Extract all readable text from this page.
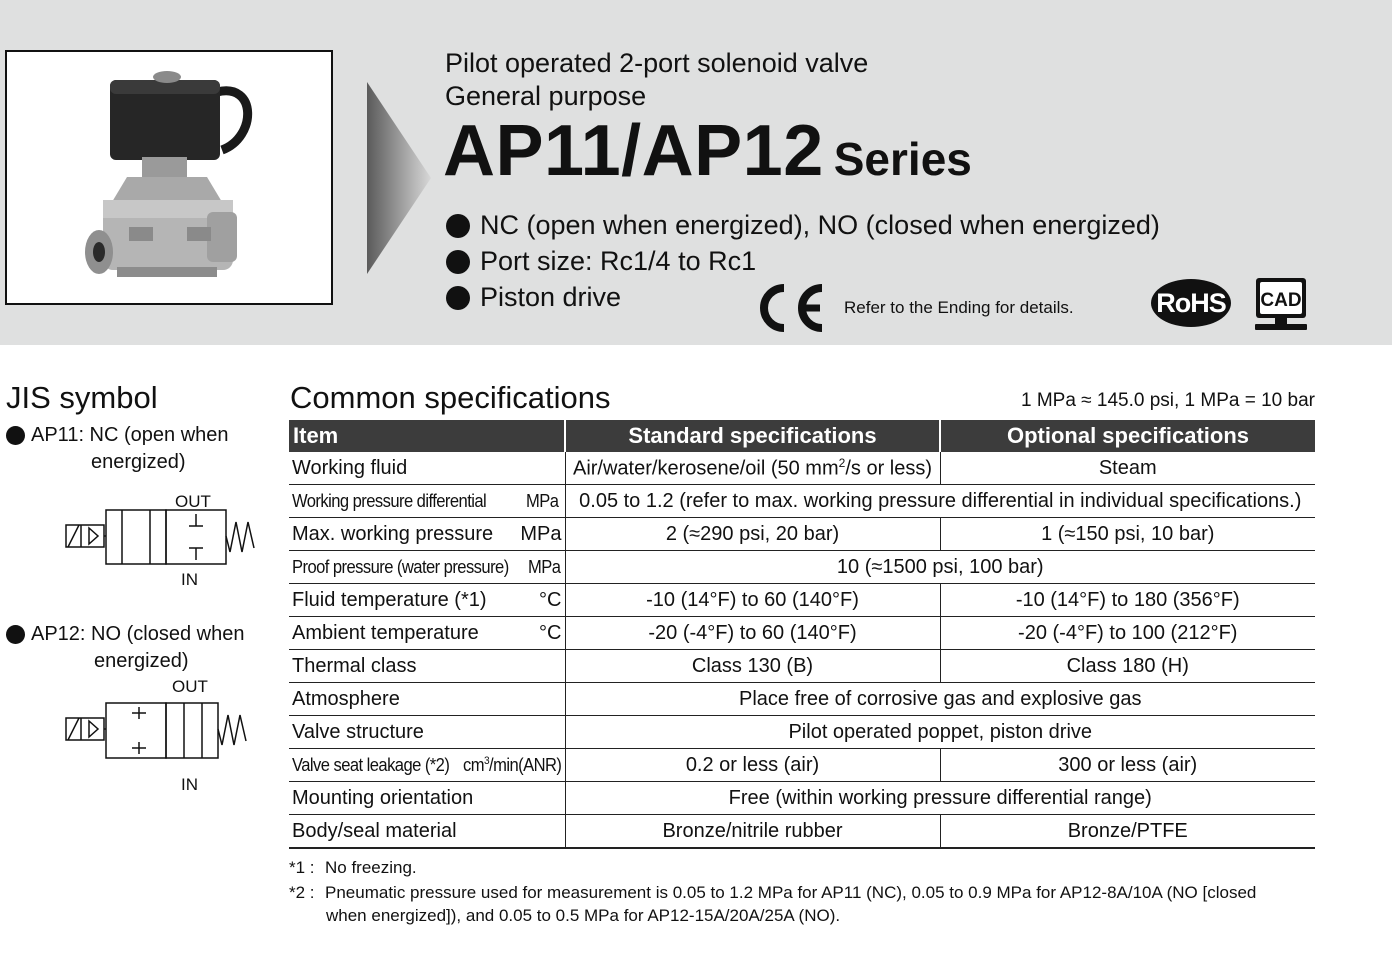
Pilot operated 2-port solenoid valve
General purpose
AP11/AP12 Series
NC (open when energized), NO (closed when energized)
Port size: Rc1/4 to Rc1
Piston drive	Refer to the Ending for details.	RoHS CAD
JIS symbol
AP11: NC (open when
energized)
OUT
IN
AP12: NO (closed when
energized)
OUT
IN
Common specifications	1 MPa ≈ 145.0 psi, 1 MPa = 10 bar
Item	Standard specifications	Optional specifications
Working fluid	Air/water/kerosene/oil (50 $mm^2/s$ or less)	Steam

Working pressure differential MPa	0.05 to 1.2 (refer to max. working pressure differential in individual specifications.)	

Max. working pressure MPa	2 (≈290 psi, 20 bar)	1 (≈150 psi, 10 bar)

Proof pressure (water pressure) MPa	10 (≈1500 psi, 100 bar)	

Fluid temperature (*1) °C	-10 (14°F) to 60 (140°F)	-10 (14°F) to 180 (356°F)

Ambient temperature °C	-20 (-4°F) to 60 (140°F)	-20 (-4°F) to 100 (212°F)
Thermal class	Class 130 (B)	Class 180 (H)
Atmosphere	Place free of corrosive gas and explosive gas	
Valve structure	Pilot operated poppet, piston drive	

Valve seat leakage (*2) $cm^3/\min(ANR)$	0.2 or less (air)	300 or less (air)
Mounting orientation	Free (within working pressure differential range)	
Body/seal material	Bronze/nitrile rubber	Bronze/PTFE
*1 : No freezing.
*2 : Pneumatic pressure used for measurement is 0.05 to 1.2 MPa for AP11 (NC), 0.05 to 0.9 MPa for AP12-8A/10A (NO [closed
when energized]), and 0.05 to 0.5 MPa for AP12-15A/20A/25A (NO).
